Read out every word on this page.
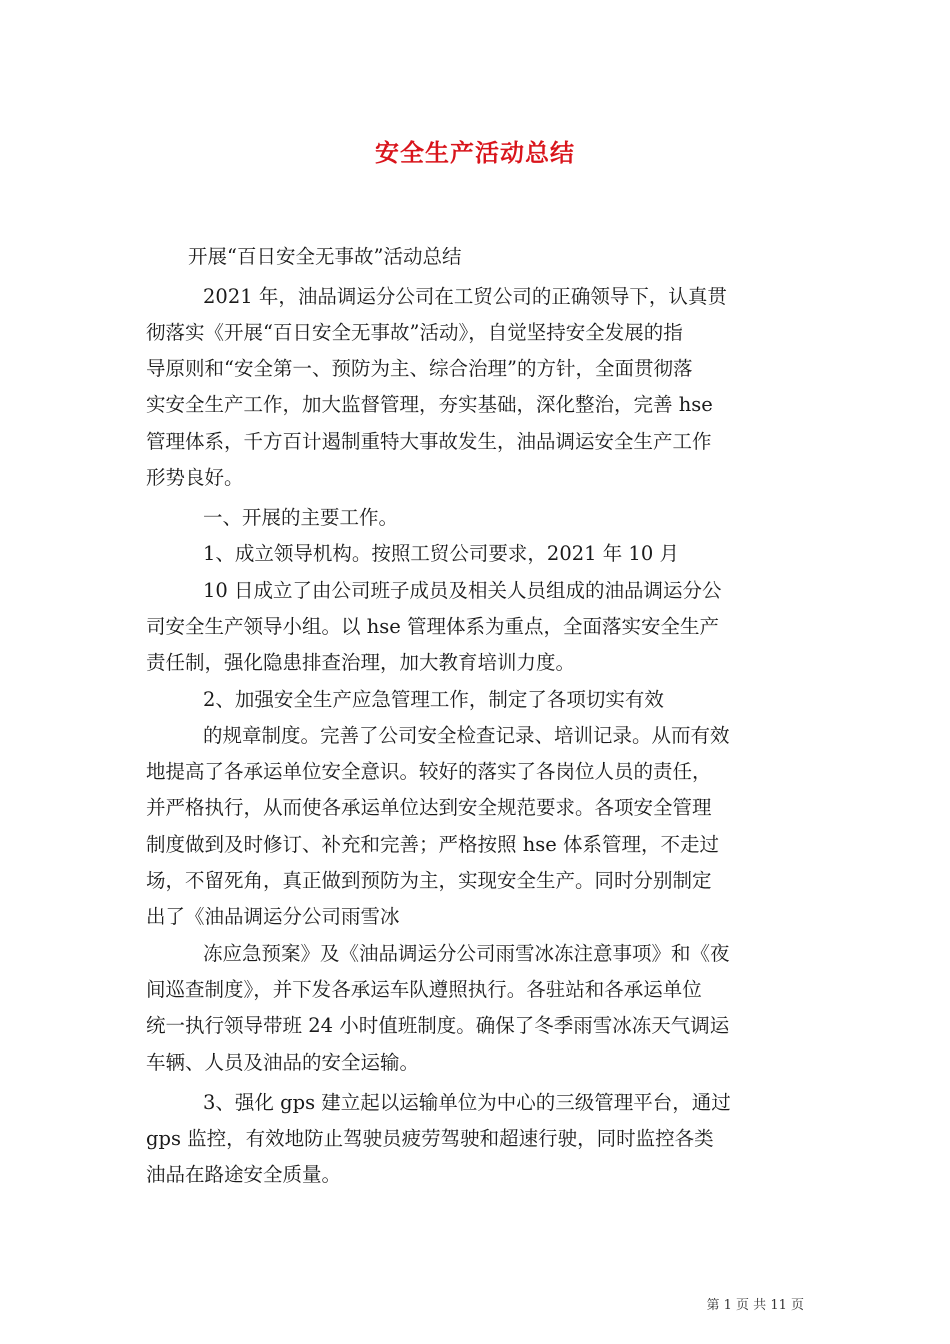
安全生产活动总结
开展“百日安全无事故”活动总结
2021 年，油品调运分公司在工贸公司的正确领导下，认真贯
彻落实《开展“百日安全无事故”活动》，自觉坚持安全发展的指
导原则和“安全第一、预防为主、综合治理”的方针，全面贯彻落
实安全生产工作，加大监督管理，夯实基础，深化整治，完善 hse
管理体系，千方百计遏制重特大事故发生，油品调运安全生产工作
形势良好。
一、开展的主要工作。
1、成立领导机构。按照工贸公司要求，2021 年 10 月
10 日成立了由公司班子成员及相关人员组成的油品调运分公
司安全生产领导小组。以 hse 管理体系为重点，全面落实安全生产
责任制，强化隐患排查治理，加大教育培训力度。
2、加强安全生产应急管理工作，制定了各项切实有效
的规章制度。完善了公司安全检查记录、培训记录。从而有效
地提高了各承运单位安全意识。较好的落实了各岗位人员的责任，
并严格执行，从而使各承运单位达到安全规范要求。各项安全管理
制度做到及时修订、补充和完善；严格按照 hse 体系管理，不走过
场，不留死角，真正做到预防为主，实现安全生产。同时分别制定
出了《油品调运分公司雨雪冰
冻应急预案》及《油品调运分公司雨雪冰冻注意事项》和《夜
间巡查制度》，并下发各承运车队遵照执行。各驻站和各承运单位
统一执行领导带班 24 小时值班制度。确保了冬季雨雪冰冻天气调运
车辆、人员及油品的安全运输。
3、强化 gps 建立起以运输单位为中心的三级管理平台，通过
gps 监控，有效地防止驾驶员疲劳驾驶和超速行驶，同时监控各类
油品在路途安全质量。
第 1 页 共 11 页
